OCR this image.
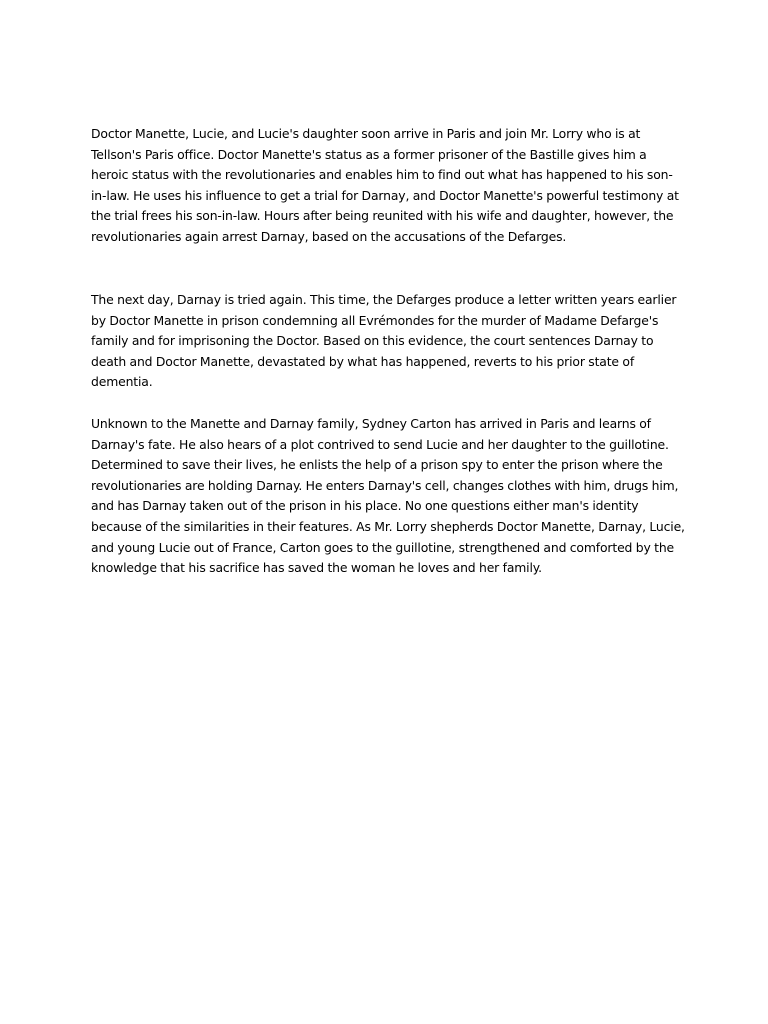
Doctor Manette, Lucie, and Lucie's daughter soon arrive in Paris and join Mr. Lorry who is at Tellson's Paris office. Doctor Manette's status as a former prisoner of the Bastille gives him a heroic status with the revolutionaries and enables him to find out what has happened to his son-in-law. He uses his influence to get a trial for Darnay, and Doctor Manette's powerful testimony at the trial frees his son-in-law. Hours after being reunited with his wife and daughter, however, the revolutionaries again arrest Darnay, based on the accusations of the Defarges.

The next day, Darnay is tried again. This time, the Defarges produce a letter written years earlier by Doctor Manette in prison condemning all Evrémondes for the murder of Madame Defarge's family and for imprisoning the Doctor. Based on this evidence, the court sentences Darnay to death and Doctor Manette, devastated by what has happened, reverts to his prior state of dementia.

Unknown to the Manette and Darnay family, Sydney Carton has arrived in Paris and learns of Darnay's fate. He also hears of a plot contrived to send Lucie and her daughter to the guillotine. Determined to save their lives, he enlists the help of a prison spy to enter the prison where the revolutionaries are holding Darnay. He enters Darnay's cell, changes clothes with him, drugs him, and has Darnay taken out of the prison in his place. No one questions either man's identity because of the similarities in their features. As Mr. Lorry shepherds Doctor Manette, Darnay, Lucie, and young Lucie out of France, Carton goes to the guillotine, strengthened and comforted by the knowledge that his sacrifice has saved the woman he loves and her family.
